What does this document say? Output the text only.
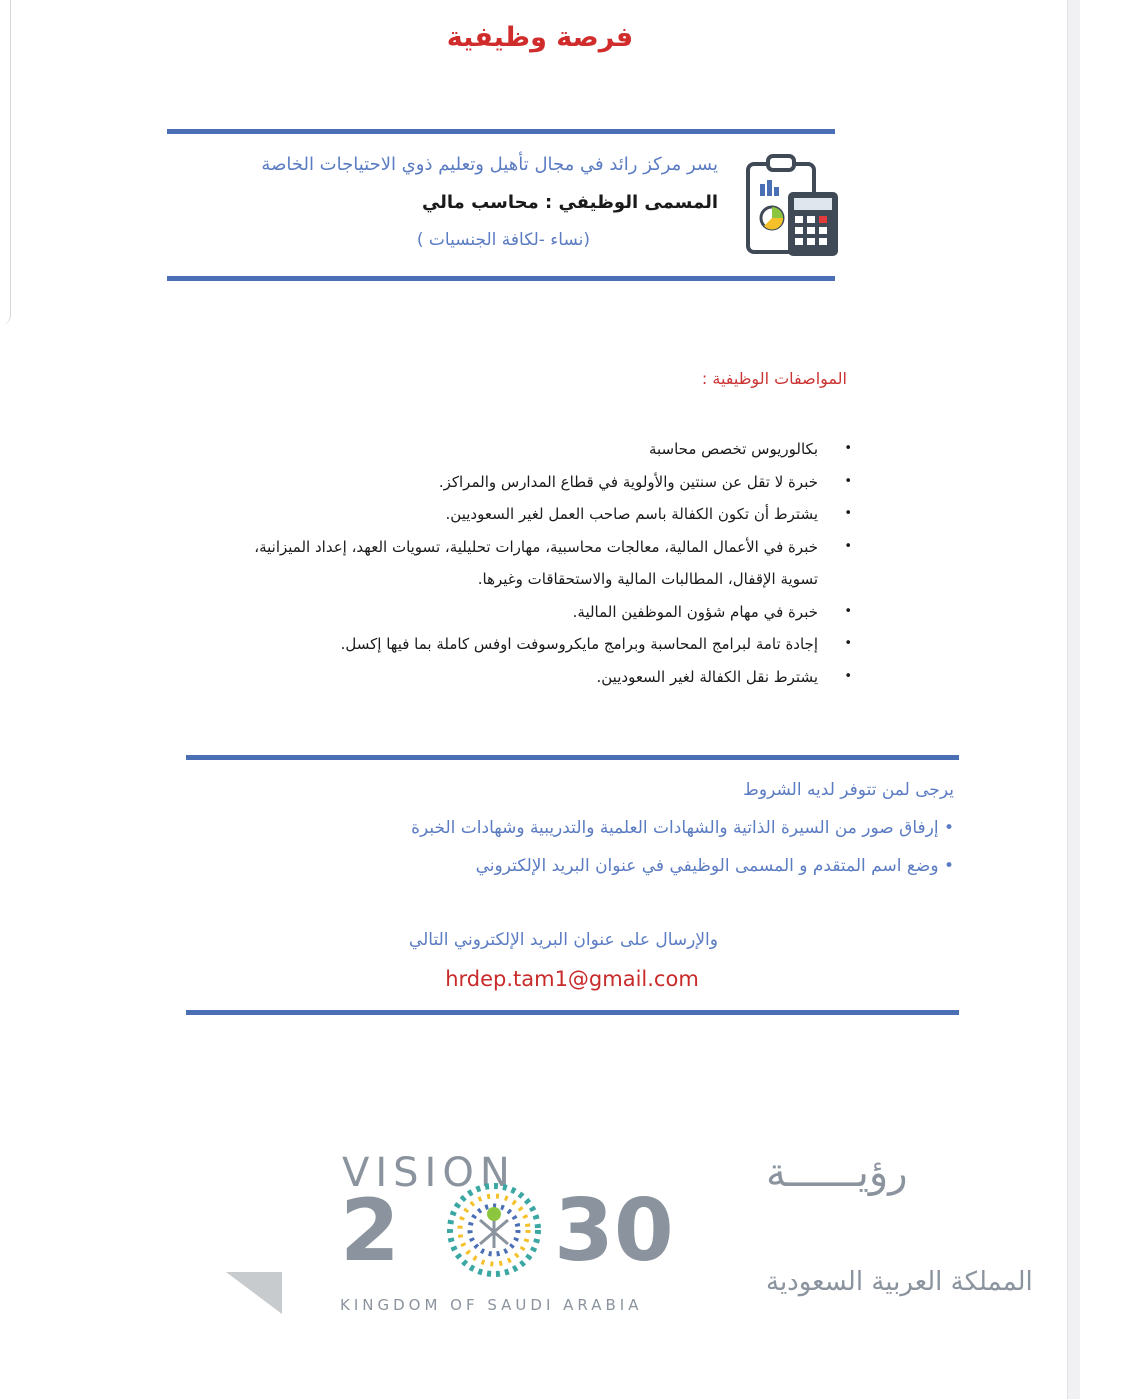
فرصة وظيفية
يسر مركز رائد في مجال تأهيل وتعليم ذوي الاحتياجات الخاصة
المسمى الوظيفي : محاسب مالي
(نساء -لكافة الجنسيات )
المواصفات الوظيفية :
•
بكالوريوس تخصص محاسبة
•
خبرة لا تقل عن سنتين والأولوية في قطاع المدارس والمراكز.
•
يشترط أن تكون الكفالة باسم صاحب العمل لغير السعوديين.
•
خبرة في الأعمال المالية، معالجات محاسبية، مهارات تحليلية، تسويات العهد، إعداد الميزانية، تسوية الإقفال، المطالبات المالية والاستحقاقات وغيرها.
•
خبرة في مهام شؤون الموظفين المالية.
•
إجادة تامة لبرامج المحاسبة وبرامج مايكروسوفت اوفس كاملة بما فيها إكسل.
•
يشترط نقل الكفالة لغير السعوديين.
يرجى لمن تتوفر لديه الشروط
• إرفاق صور من السيرة الذاتية والشهادات العلمية والتدريبية وشهادات الخبرة
• وضع اسم المتقدم و المسمى الوظيفي في عنوان البريد الإلكتروني
والإرسال على عنوان البريد الإلكتروني التالي
hrdep.tam1@gmail.com
رؤيــــــة
VISION
2 30
المملكة العربية السعودية
KINGDOM OF SAUDI ARABIA
